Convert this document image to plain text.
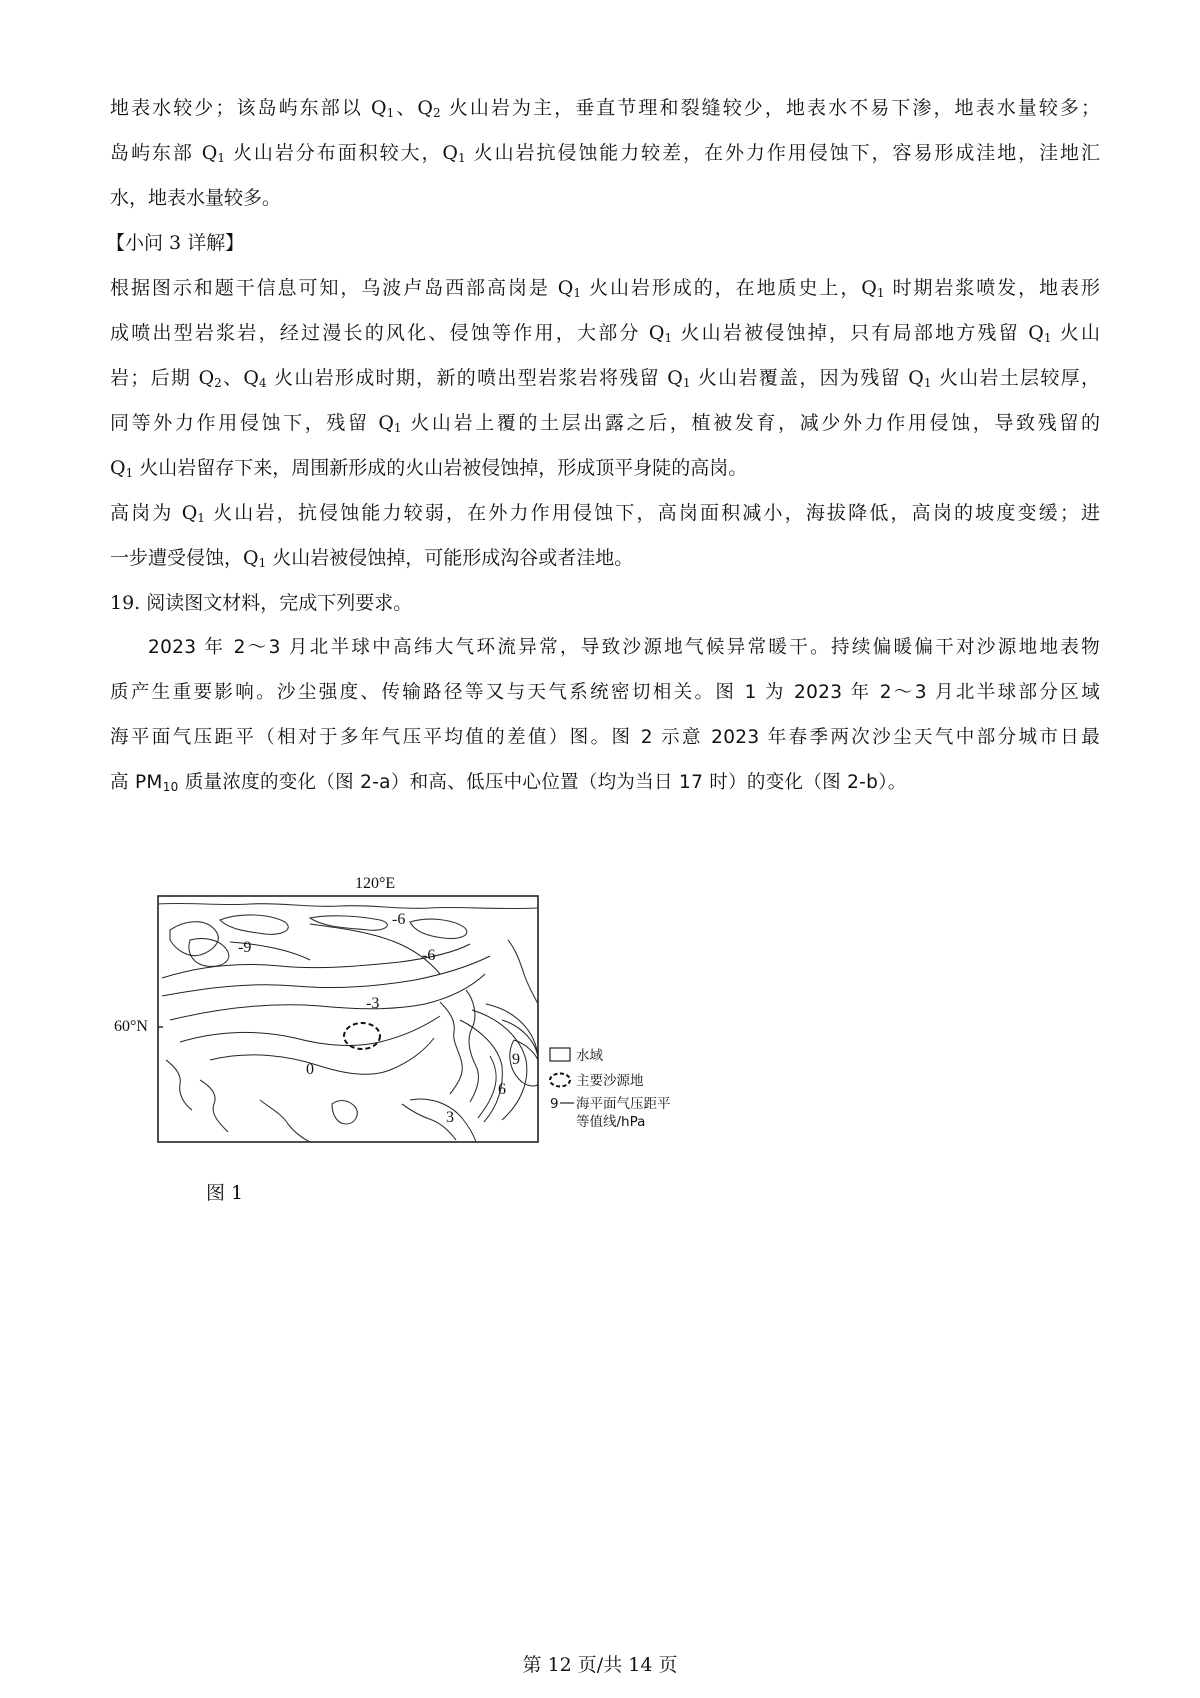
地表水较少；该岛屿东部以 $Q_1$、$Q_2$ 火山岩为主，垂直节理和裂缝较少，地表水不易下渗，地表水量较多；
岛屿东部 $Q_1$ 火山岩分布面积较大，$Q_1$ 火山岩抗侵蚀能力较差，在外力作用侵蚀下，容易形成洼地，洼地汇
水，地表水量较多。
【小问 3 详解】
根据图示和题干信息可知，乌波卢岛西部高岗是 $Q_1$ 火山岩形成的，在地质史上，$Q_1$ 时期岩浆喷发，地表形
成喷出型岩浆岩，经过漫长的风化、侵蚀等作用，大部分 $Q_1$ 火山岩被侵蚀掉，只有局部地方残留 $Q_1$ 火山
岩；后期 $Q_2$、$Q_4$ 火山岩形成时期，新的喷出型岩浆岩将残留 $Q_1$ 火山岩覆盖，因为残留 $Q_1$ 火山岩土层较厚，
同等外力作用侵蚀下，残留 $Q_1$ 火山岩上覆的土层出露之后，植被发育，减少外力作用侵蚀，导致残留的
$Q_1$ 火山岩留存下来，周围新形成的火山岩被侵蚀掉，形成顶平身陡的高岗。
高岗为 $Q_1$ 火山岩，抗侵蚀能力较弱，在外力作用侵蚀下，高岗面积减小，海拔降低，高岗的坡度变缓；进
一步遭受侵蚀，$Q_1$ 火山岩被侵蚀掉，可能形成沟谷或者洼地。
19. 阅读图文材料，完成下列要求。
2023 年 2～3 月北半球中高纬大气环流异常，导致沙源地气候异常暖干。持续偏暖偏干对沙源地地表物
质产生重要影响。沙尘强度、传输路径等又与天气系统密切相关。图 1 为 2023 年 2～3 月北半球部分区域
海平面气压距平（相对于多年气压平均值的差值）图。图 2 示意 2023 年春季两次沙尘天气中部分城市日最
高 $PM_{10}$ 质量浓度的变化（图 2-a）和高、低压中心位置（均为当日 17 时）的变化（图 2-b）。
120°E
60°N
-6
-9	-6
-3
0
9
6
3
水域
主要沙源地
9 海平面气压距平
等值线/hPa
图 1
第 12 页/共 14 页
